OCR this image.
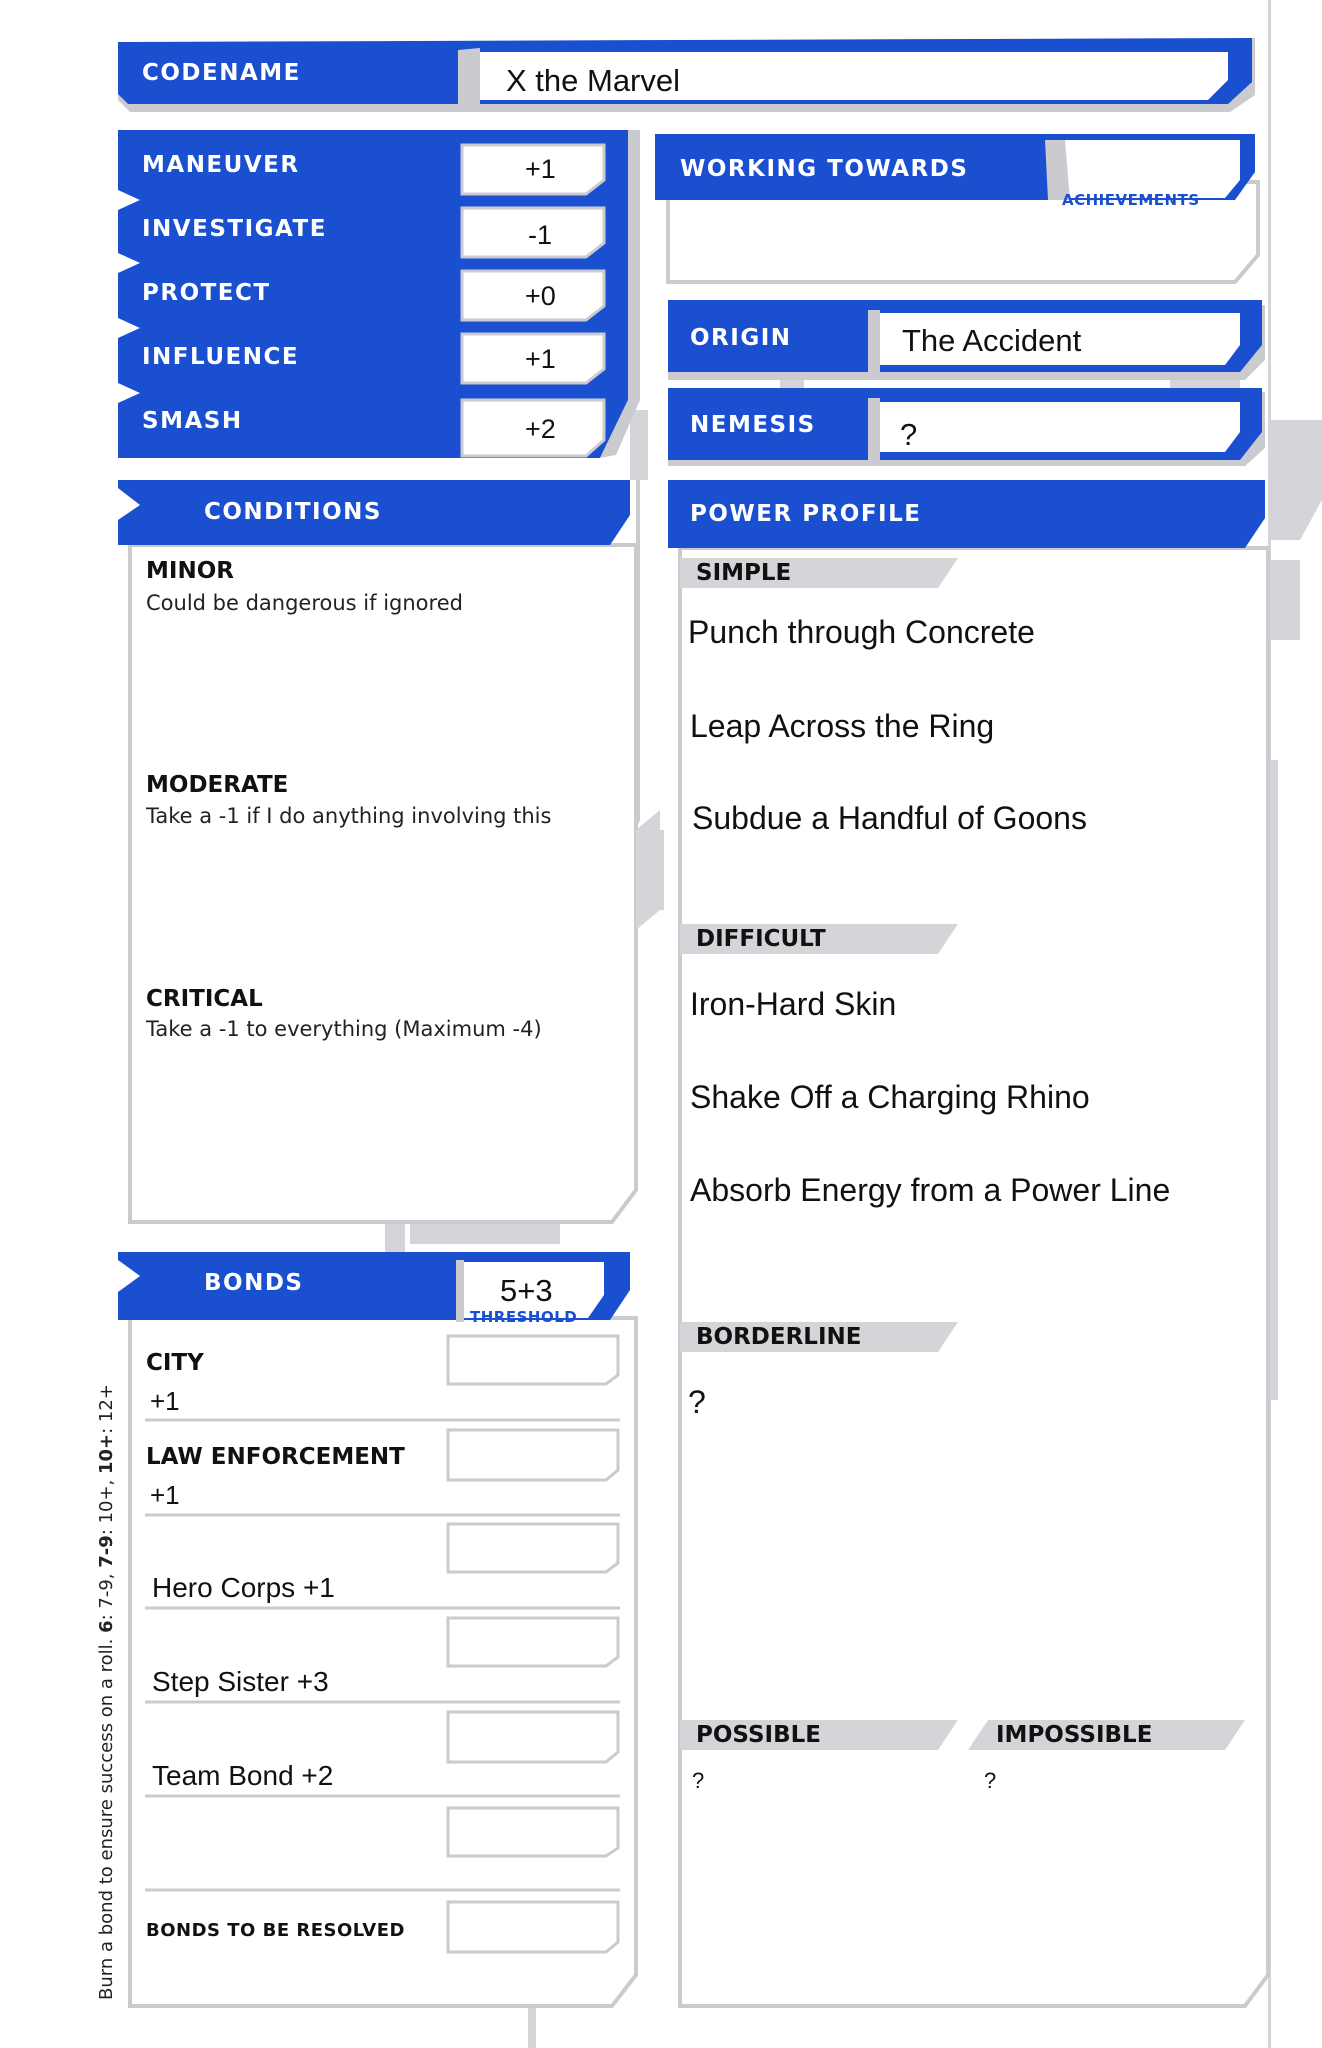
CODENAME	X the Marvel
MANEUVER	+1
INVESTIGATE	-1
PROTECT	+0
INFLUENCE	+1
SMASH	+2
WORKING TOWARDS
ACHIEVEMENTS
ORIGIN	The Accident
NEMESIS	?
CONDITIONS
MINOR
Could be dangerous if ignored
MODERATE
Take a -1 if I do anything involving this
CRITICAL
Take a -1 to everything (Maximum -4)
BONDS	5+3
THRESHOLD
CITY
+1
LAW ENFORCEMENT
+1
Hero Corps +1
Step Sister +3
Team Bond +2
BONDS TO BE RESOLVED
Burn a bond to ensure success on a roll. 6: 7-9, 7-9: 10+, 10+: 12+
POWER PROFILE
SIMPLE
Punch through Concrete
Leap Across the Ring
Subdue a Handful of Goons
DIFFICULT
Iron-Hard Skin
Shake Off a Charging Rhino
Absorb Energy from a Power Line
BORDERLINE
?
POSSIBLE
?
IMPOSSIBLE
?
